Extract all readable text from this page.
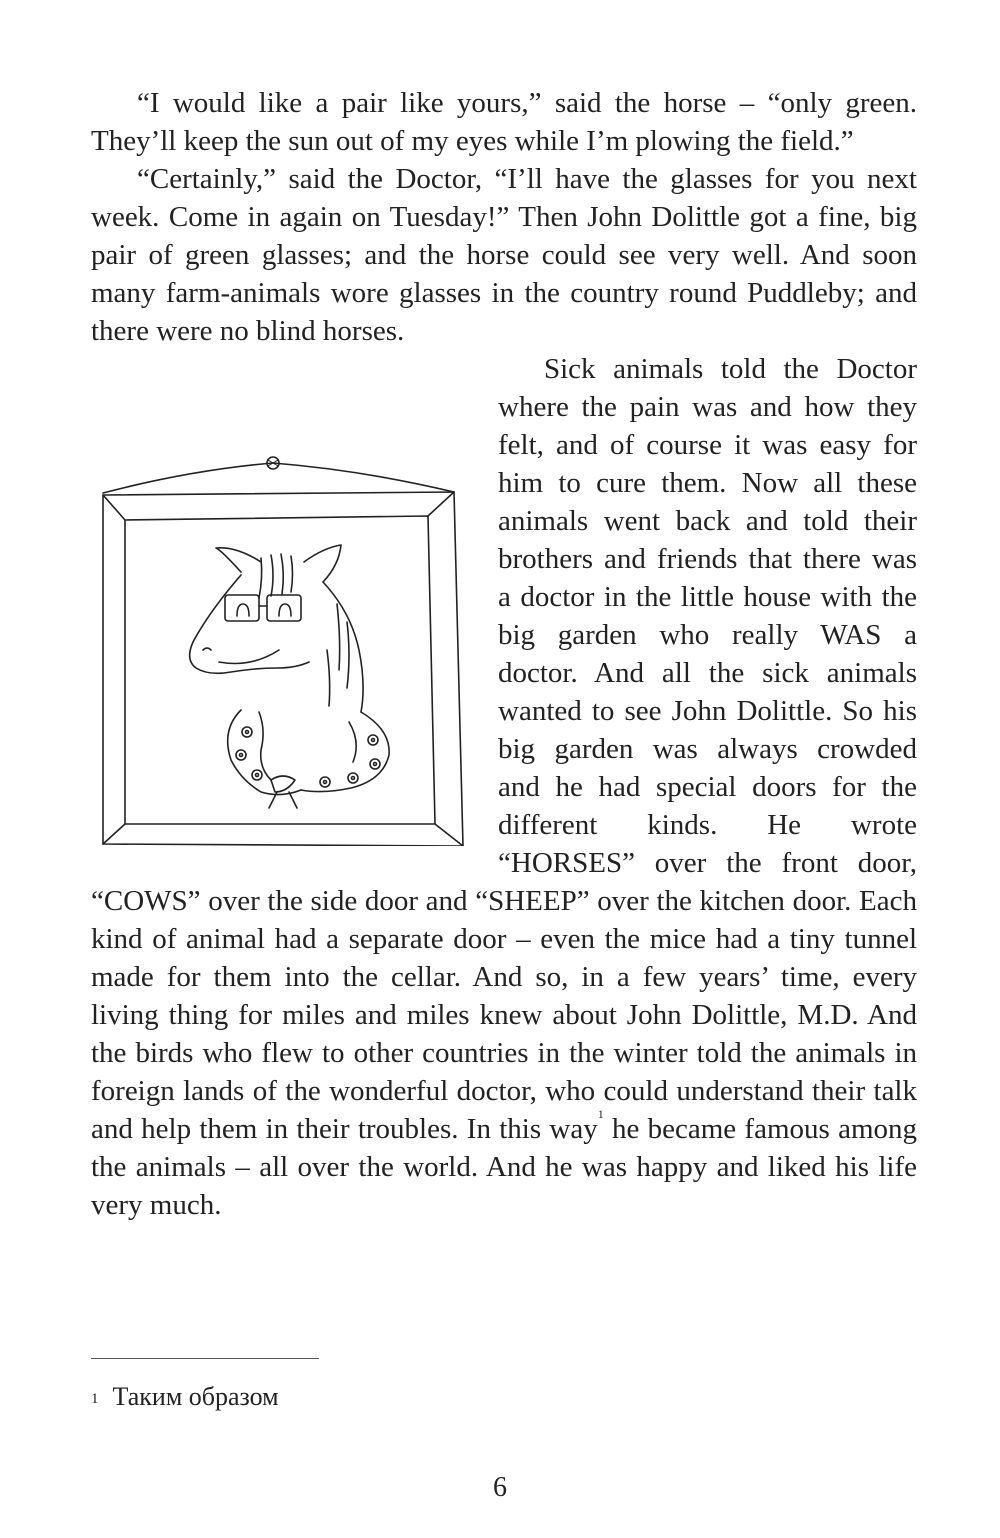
“I would like a pair like yours,” said the horse – “only green. They’ll keep the sun out of my eyes while I’m plowing the field.”

“Certainly,” said the Doctor, “I’ll have the glasses for you next week. Come in again on Tuesday!” Then John Dolittle got a fine, big pair of green glasses; and the horse could see very well. And soon many farm-animals wore glasses in the country round Puddleby; and there were no blind horses.

Sick animals told the Doctor where the pain was and how they felt, and of course it was easy for him to cure them. Now all these animals went back and told their brothers and friends that there was a doctor in the little house with the big garden who really WAS a doctor. And all the sick animals wanted to see John Dolittle. So his big garden was always crowded and he had special doors for the different kinds. He wrote “HORSES” over the front door, “COWS” over the side door and “SHEEP” over the kitchen door. Each kind of animal had a separate door – even the mice had a tiny tunnel made for them into the cellar. And so, in a few years’ time, every living thing for miles and miles knew about John Dolittle, M.D. And the birds who flew to other countries in the winter told the animals in foreign lands of the wonderful doctor, who could understand their talk and help them in their troubles. In this way$^1$ he became famous among the animals – all over the world. And he was happy and liked his life very much.

$^1$ Таким образом
6
